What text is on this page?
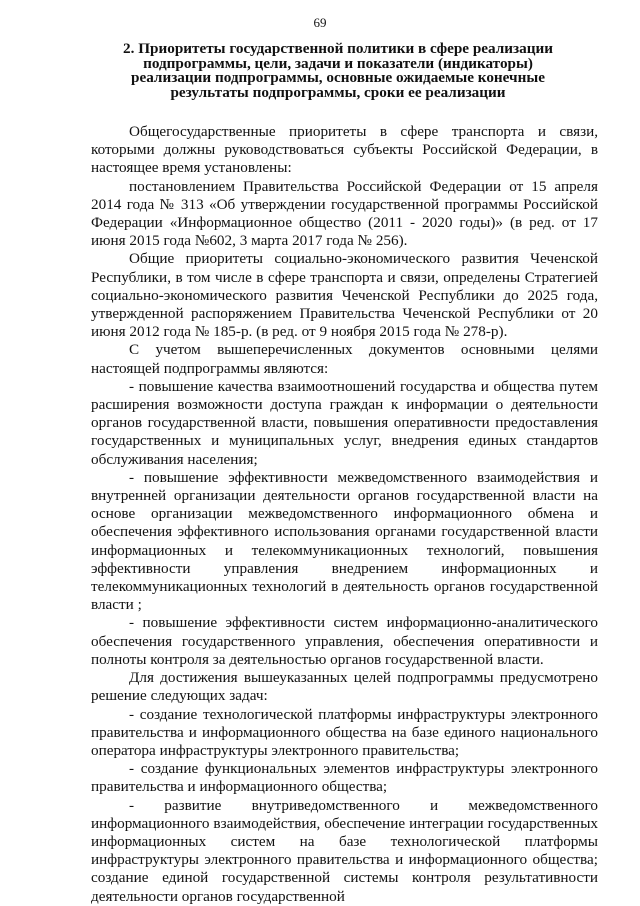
69
2. Приоритеты государственной политики в сфере реализации подпрограммы, цели, задачи и показатели (индикаторы) реализации подпрограммы, основные ожидаемые конечные результаты подпрограммы, сроки ее реализации

Общегосударственные приоритеты в сфере транспорта и связи, которыми должны руководствоваться субъекты Российской Федерации, в настоящее время установлены:

постановлением Правительства Российской Федерации от 15 апреля 2014 года № 313 «Об утверждении государственной программы Российской Федерации «Информационное общество (2011 - 2020 годы)» (в ред. от 17 июня 2015 года №602, 3 марта 2017 года № 256).

Общие приоритеты социально-экономического развития Чеченской Республики, в том числе в сфере транспорта и связи, определены Стратегией социально-экономического развития Чеченской Республики до 2025 года, утвержденной распоряжением Правительства Чеченской Республики от 20 июня 2012 года № 185-р. (в ред. от 9 ноября 2015 года № 278-р).

С учетом вышеперечисленных документов основными целями настоящей подпрограммы являются:

- повышение качества взаимоотношений государства и общества путем расширения возможности доступа граждан к информации о деятельности органов государственной власти, повышения оперативности предоставления государственных и муниципальных услуг, внедрения единых стандартов обслуживания населения;

- повышение эффективности межведомственного взаимодействия и внутренней организации деятельности органов государственной власти на основе организации межведомственного информационного обмена и обеспечения эффективного использования органами государственной власти информационных и телекоммуникационных технологий, повышения эффективности управления внедрением информационных и телекоммуникационных технологий в деятельность органов государственной власти ;

- повышение эффективности систем информационно-аналитического обеспечения государственного управления, обеспечения оперативности и полноты контроля за деятельностью органов государственной власти.

Для достижения вышеуказанных целей подпрограммы предусмотрено решение следующих задач:

- создание технологической платформы инфраструктуры электронного правительства и информационного общества на базе единого национального оператора инфраструктуры электронного правительства;

- создание функциональных элементов инфраструктуры электронного правительства и информационного общества;

- развитие внутриведомственного и межведомственного информационного взаимодействия, обеспечение интеграции государственных информационных систем на базе технологической платформы инфраструктуры электронного правительства и информационного общества; создание единой государственной системы контроля результативности деятельности органов государственной
